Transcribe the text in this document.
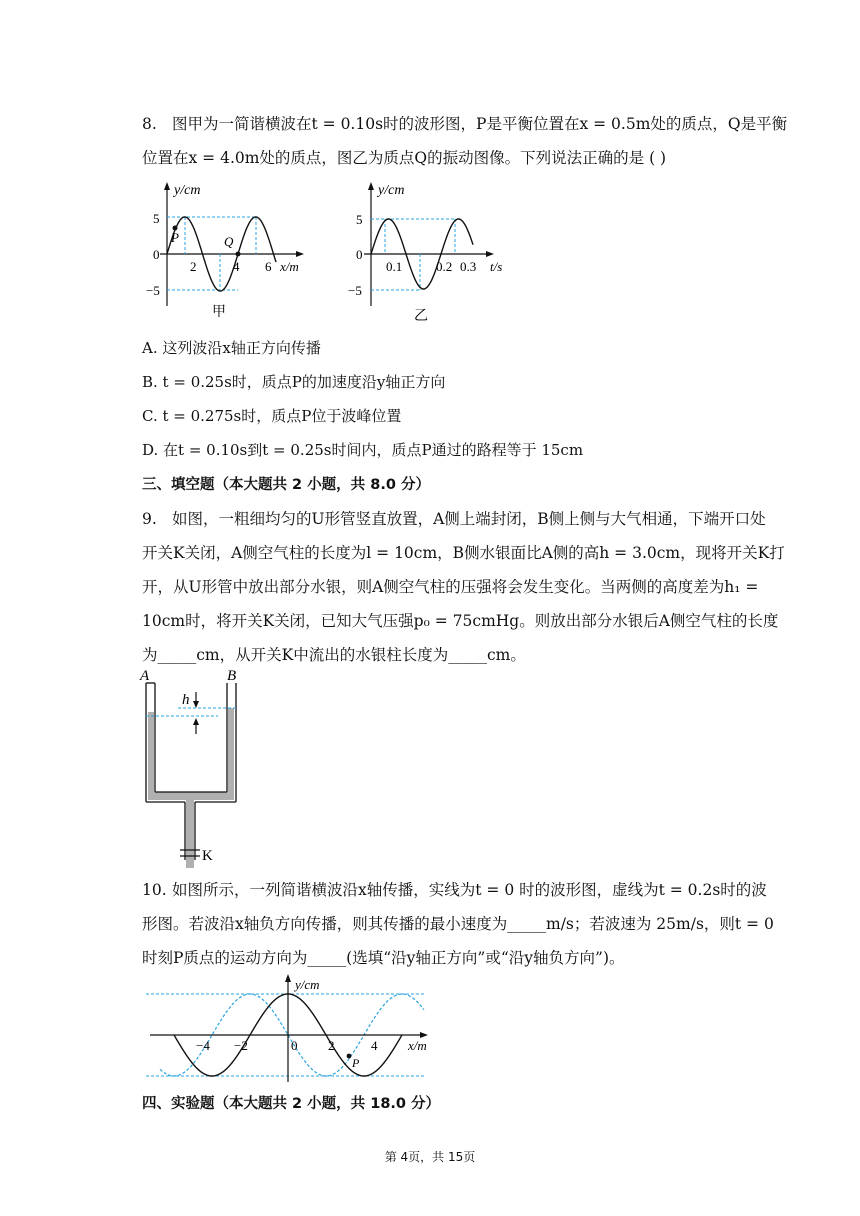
8. 图甲为一简谐横波在t = 0.10s时的波形图，P是平衡位置在x = 0.5m处的质点，Q是平衡
位置在x = 4.0m处的质点，图乙为质点Q的振动图像。下列说法正确的是 ( )
y/cm
5
0
−5
2	4 6 x/m
P	Q
甲
y/cm
5
0
−5
0.1	0.2 0.3 t/s
乙
A. 这列波沿x轴正方向传播
B. t = 0.25s时，质点P的加速度沿y轴正方向
C. t = 0.275s时，质点P位于波峰位置
D. 在t = 0.10s到t = 0.25s时间内，质点P通过的路程等于 15cm
三、填空题（本大题共 2 小题，共 8.0 分）
9. 如图，一粗细均匀的U形管竖直放置，A侧上端封闭，B侧上侧与大气相通，下端开口处
开关K关闭，A侧空气柱的长度为l = 10cm，B侧水银面比A侧的高h = 3.0cm，现将开关K打
开，从U形管中放出部分水银，则A侧空气柱的压强将会发生变化。当两侧的高度差为h₁ =
10cm时，将开关K关闭，已知大气压强p₀ = 75cmHg。则放出部分水银后A侧空气柱的长度
为_____cm，从开关K中流出的水银柱长度为_____cm。
A	B
h
K
10. 如图所示，一列简谐横波沿x轴传播，实线为t = 0 时的波形图，虚线为t = 0.2s时的波
形图。若波沿x轴负方向传播，则其传播的最小速度为_____m/s；若波速为 25m/s，则t = 0
时刻P质点的运动方向为_____(选填“沿y轴正方向”或“沿y轴负方向”)。
y/cm
−4 −2	0 2	4 x/m
P
四、实验题（本大题共 2 小题，共 18.0 分）
第 4页，共 15页
